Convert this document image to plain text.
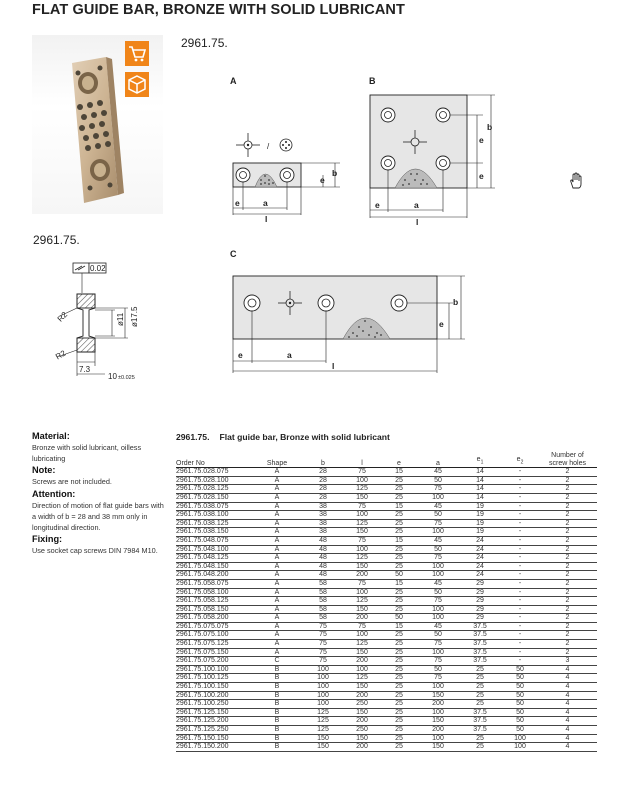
FLAT GUIDE BAR, BRONZE WITH SOLID LUBRICANT
2961.75.
2961.75.
A	B
/
e	a
l
e
b
e	a
l
e
e
b
0.02
R2
R2
ø11 ø17.5
7.3
10 ±0.025
C
e	a
l
e
b
Material:

Bronze with solid lubricant, oilless lubricating

Note:

Screws are not included.

Attention:

Direction of motion of flat guide bars with a width of b = 28 and 38 mm only in longitudinal direction.

Fixing:

Use socket cap screws DIN 7984 M10.

2961.75. Flat guide bar, Bronze with solid lubricant
Order No	Shape	b	l	e	a	$e_1$	$e_2$	Number of
screw holes
2961.75.028.075	A	28	75	15	45	14	-	2
2961.75.028.100	A	28	100	25	50	14	-	2
2961.75.028.125	A	28	125	25	75	14	-	2
2961.75.028.150	A	28	150	25	100	14	-	2
2961.75.038.075	A	38	75	15	45	19	-	2
2961.75.038.100	A	38	100	25	50	19	-	2
2961.75.038.125	A	38	125	25	75	19	-	2
2961.75.038.150	A	38	150	25	100	19	-	2
2961.75.048.075	A	48	75	15	45	24	-	2
2961.75.048.100	A	48	100	25	50	24	-	2
2961.75.048.125	A	48	125	25	75	24	-	2
2961.75.048.150	A	48	150	25	100	24	-	2
2961.75.048.200	A	48	200	50	100	24	-	2
2961.75.058.075	A	58	75	15	45	29	-	2
2961.75.058.100	A	58	100	25	50	29	-	2
2961.75.058.125	A	58	125	25	75	29	-	2
2961.75.058.150	A	58	150	25	100	29	-	2
2961.75.058.200	A	58	200	50	100	29	-	2
2961.75.075.075	A	75	75	15	45	37.5	-	2
2961.75.075.100	A	75	100	25	50	37.5	-	2
2961.75.075.125	A	75	125	25	75	37.5	-	2
2961.75.075.150	A	75	150	25	100	37.5	-	2
2961.75.075.200	C	75	200	25	75	37.5	-	3
2961.75.100.100	B	100	100	25	50	25	50	4
2961.75.100.125	B	100	125	25	75	25	50	4
2961.75.100.150	B	100	150	25	100	25	50	4
2961.75.100.200	B	100	200	25	150	25	50	4
2961.75.100.250	B	100	250	25	200	25	50	4
2961.75.125.150	B	125	150	25	100	37.5	50	4
2961.75.125.200	B	125	200	25	150	37.5	50	4
2961.75.125.250	B	125	250	25	200	37.5	50	4
2961.75.150.150	B	150	150	25	100	25	100	4
2961.75.150.200	B	150	200	25	150	25	100	4
